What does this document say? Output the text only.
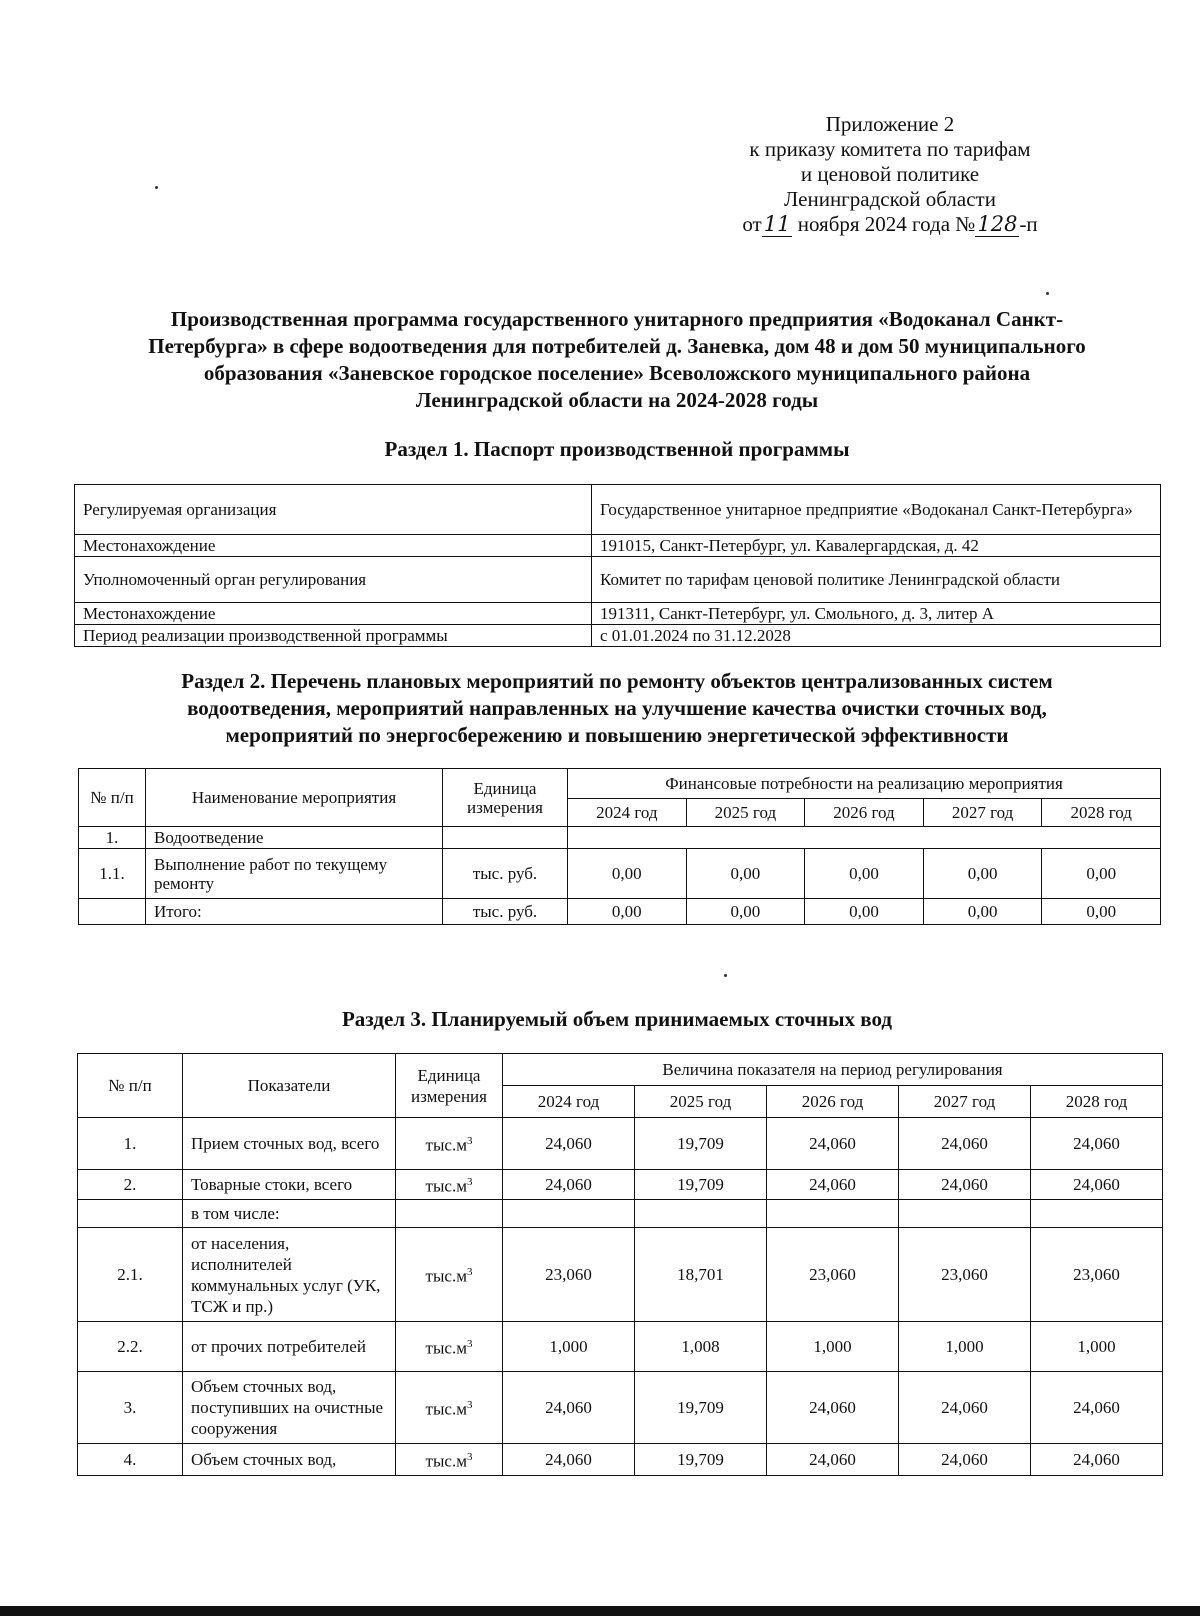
Приложение 2
к приказу комитета по тарифам
и ценовой политике
Ленинградской области
от11 ноября 2024 года №128-п
Производственная программа государственного унитарного предприятия «Водоканал Санкт-
Петербурга» в сфере водоотведения для потребителей д. Заневка, дом 48 и дом 50 муниципального
образования «Заневское городское поселение» Всеволожского муниципального района
Ленинградской области на 2024-2028 годы
Раздел 1. Паспорт производственной программы
Регулируемая организация	Государственное унитарное предприятие «Водоканал Санкт-Петербурга»
Местонахождение	191015, Санкт-Петербург, ул. Кавалергардская, д. 42
Уполномоченный орган регулирования	Комитет по тарифам ценовой политике Ленинградской области
Местонахождение	191311, Санкт-Петербург, ул. Смольного, д. 3, литер А
Период реализации производственной программы	с 01.01.2024 по 31.12.2028
Раздел 2. Перечень плановых мероприятий по ремонту объектов централизованных систем
водоотведения, мероприятий направленных на улучшение качества очистки сточных вод,
мероприятий по энергосбережению и повышению энергетической эффективности
№ п/п	Наименование мероприятия	Единица измерения	Финансовые потребности на реализацию мероприятия				
			2024 год	2025 год	2026 год	2027 год	2028 год
1.	Водоотведение						
1.1.	Выполнение работ по текущему ремонту	тыс. руб.	0,00	0,00	0,00	0,00	0,00
	Итого:	тыс. руб.	0,00	0,00	0,00	0,00	0,00
Раздел 3. Планируемый объем принимаемых сточных вод
№ п/п	Показатели	Единица измерения	Величина показателя на период регулирования				
			2024 год	2025 год	2026 год	2027 год	2028 год
1.	Прием сточных вод, всего	$тыс.м^3$	24,060	19,709	24,060	24,060	24,060
2.	Товарные стоки, всего	$тыс.м^3$	24,060	19,709	24,060	24,060	24,060
	в том числе:						
2.1.	от населения, исполнителей коммунальных услуг (УК, ТСЖ и пр.)	$тыс.м^3$	23,060	18,701	23,060	23,060	23,060
2.2.	от прочих потребителей	$тыс.м^3$	1,000	1,008	1,000	1,000	1,000
3.	Объем сточных вод, поступивших на очистные сооружения	$тыс.м^3$	24,060	19,709	24,060	24,060	24,060
4.	Объем сточных вод,	$тыс.м^3$	24,060	19,709	24,060	24,060	24,060
